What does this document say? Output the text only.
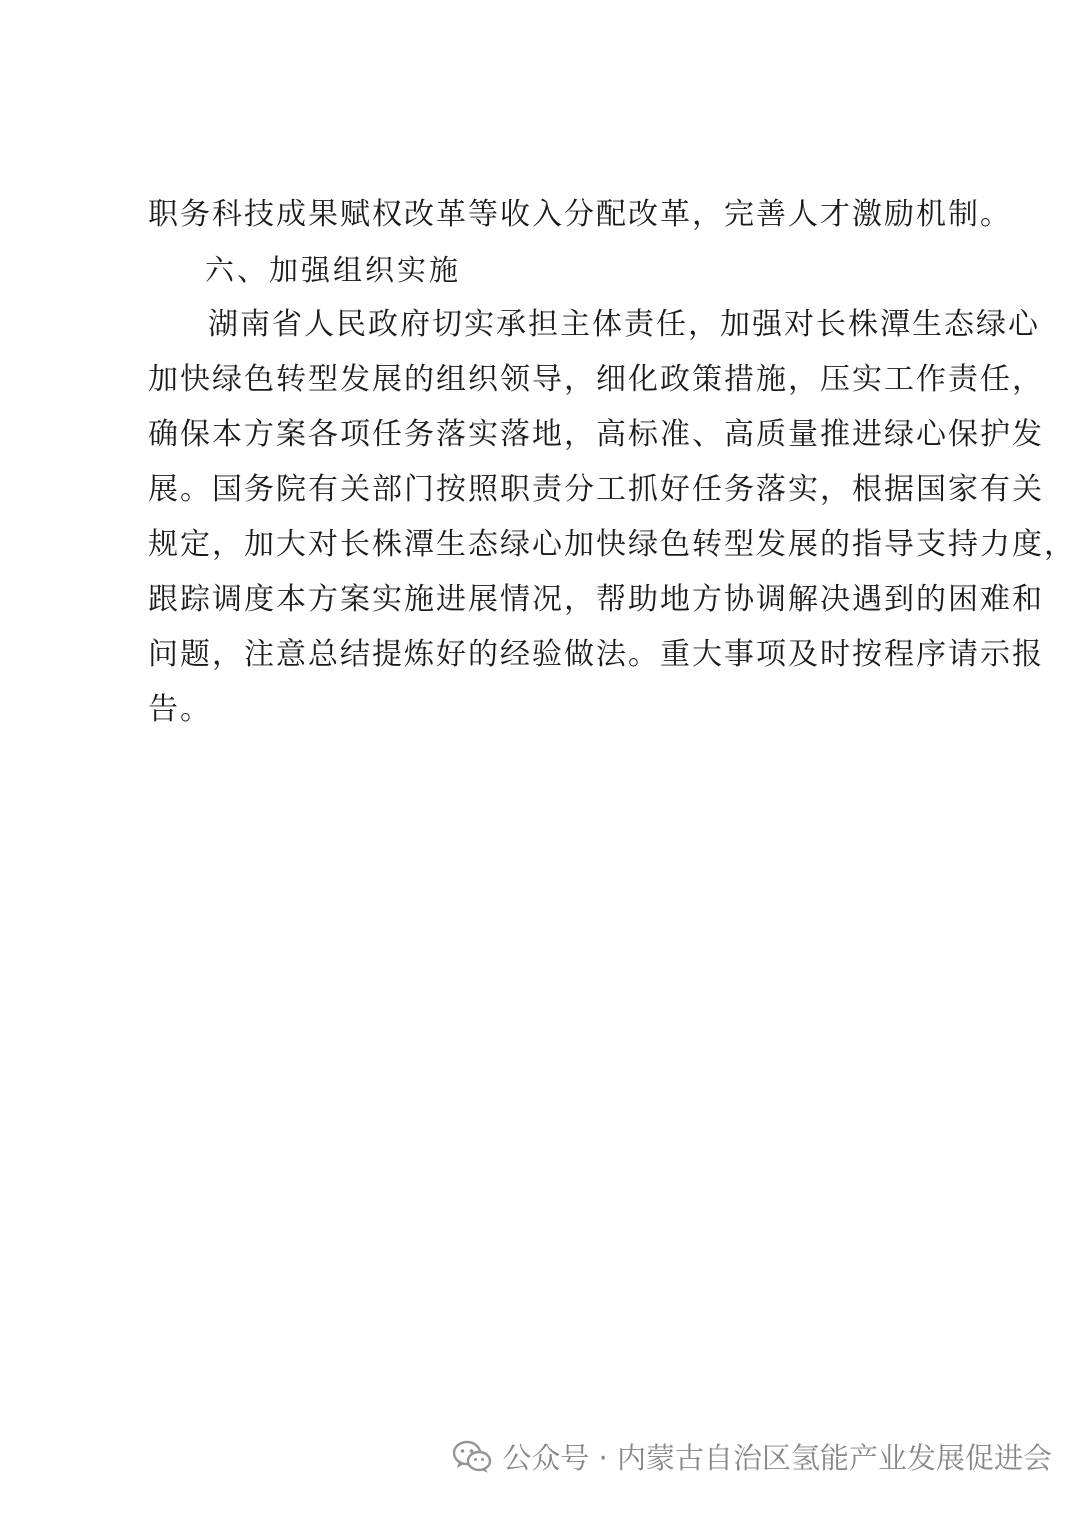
职务科技成果赋权改革等收入分配改革，完善人才激励机制。
六、加强组织实施
湖南省人民政府切实承担主体责任，加强对长株潭生态绿心
加快绿色转型发展的组织领导，细化政策措施，压实工作责任，
确保本方案各项任务落实落地，高标准、高质量推进绿心保护发
展。国务院有关部门按照职责分工抓好任务落实，根据国家有关
规定，加大对长株潭生态绿心加快绿色转型发展的指导支持力度，
跟踪调度本方案实施进展情况，帮助地方协调解决遇到的困难和
问题，注意总结提炼好的经验做法。重大事项及时按程序请示报
告。
公众号 · 内蒙古自治区氢能产业发展促进会
